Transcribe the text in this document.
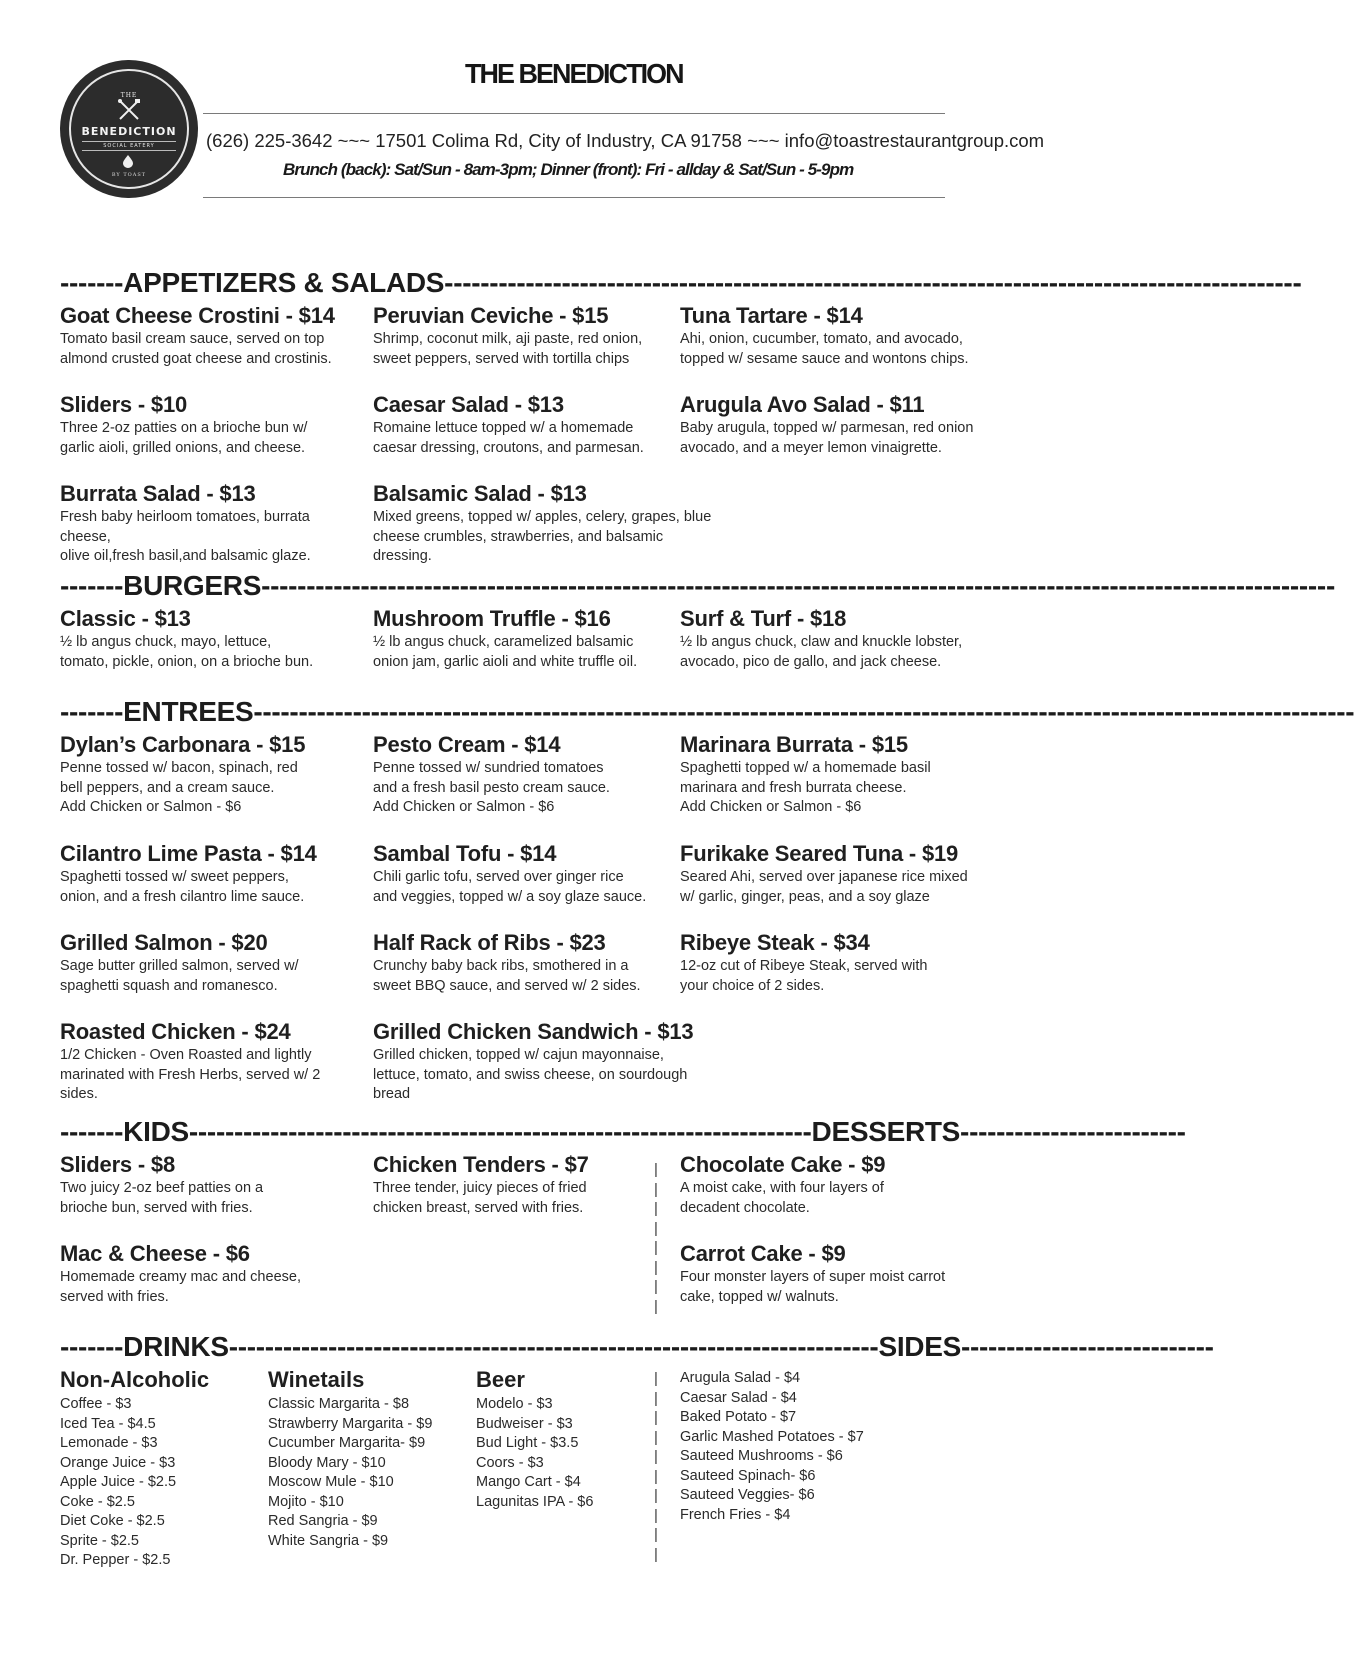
THE
BENEDICTION
SOCIAL EATERY
BY TOAST
THE BENEDICTION
(626) 225-3642 ~~~ 17501 Colima Rd, City of Industry, CA 91758 ~~~ info@toastrestaurantgroup.com
Brunch (back): Sat/Sun - 8am-3pm; Dinner (front): Fri - allday & Sat/Sun - 5-9pm
-------APPETIZERS & SALADS-----------------------------------------------------------------------------------------------
Goat Cheese Crostini - $14
Tomato basil cream sauce, served on top
almond crusted goat cheese and crostinis.
Peruvian Ceviche - $15
Shrimp, coconut milk, aji paste, red onion,
sweet peppers, served with tortilla chips
Tuna Tartare - $14
Ahi, onion, cucumber, tomato, and avocado,
topped w/ sesame sauce and wontons chips.
Sliders - $10
Three 2-oz patties on a brioche bun w/
garlic aioli, grilled onions, and cheese.
Caesar Salad - $13
Romaine lettuce topped w/ a homemade
caesar dressing, croutons, and parmesan.
Arugula Avo Salad - $11
Baby arugula, topped w/ parmesan, red onion
avocado, and a meyer lemon vinaigrette.
Burrata Salad - $13
Fresh baby heirloom tomatoes, burrata cheese,
olive oil,fresh basil,and balsamic glaze.
Balsamic Salad - $13
Mixed greens, topped w/ apples, celery, grapes, blue
cheese crumbles, strawberries, and balsamic dressing.
-------BURGERS-----------------------------------------------------------------------------------------------------------------------
Classic - $13
½ lb angus chuck, mayo, lettuce,
tomato, pickle, onion, on a brioche bun.
Mushroom Truffle - $16
½ lb angus chuck, caramelized balsamic
onion jam, garlic aioli and white truffle oil.
Surf & Turf - $18
½ lb angus chuck, claw and knuckle lobster,
avocado, pico de gallo, and jack cheese.
-------ENTREES--------------------------------------------------------------------------------------------------------------------------
Dylan’s Carbonara - $15
Penne tossed w/ bacon, spinach, red
bell peppers, and a cream sauce.
Add Chicken or Salmon - $6
Pesto Cream - $14
Penne tossed w/ sundried tomatoes
and a fresh basil pesto cream sauce.
Add Chicken or Salmon - $6
Marinara Burrata - $15
Spaghetti topped w/ a homemade basil
marinara and fresh burrata cheese.
Add Chicken or Salmon - $6
Cilantro Lime Pasta - $14
Spaghetti tossed w/ sweet peppers,
onion, and a fresh cilantro lime sauce.
Sambal Tofu - $14
Chili garlic tofu, served over ginger rice
and veggies, topped w/ a soy glaze sauce.
Furikake Seared Tuna - $19
Seared Ahi, served over japanese rice mixed
w/ garlic, ginger, peas, and a soy glaze
Grilled Salmon - $20
Sage butter grilled salmon, served w/
spaghetti squash and romanesco.
Half Rack of Ribs - $23
Crunchy baby back ribs, smothered in a
sweet BBQ sauce, and served w/ 2 sides.
Ribeye Steak - $34
12-oz cut of Ribeye Steak, served with
your choice of 2 sides.
Roasted Chicken - $24
1/2 Chicken - Oven Roasted and lightly
marinated with Fresh Herbs, served w/ 2 sides.
Grilled Chicken Sandwich - $13
Grilled chicken, topped w/ cajun mayonnaise,
lettuce, tomato, and swiss cheese, on sourdough bread
-------KIDS---------------------------------------------------------------------DESSERTS-------------------------
Sliders - $8
Two juicy 2-oz beef patties on a
brioche bun, served with fries.
Chicken Tenders - $7
Three tender, juicy pieces of fried
chicken breast, served with fries.
Mac & Cheese - $6
Homemade creamy mac and cheese,
served with fries.
|
|
|
|
|
|
|
|
Chocolate Cake - $9
A moist cake, with four layers of
decadent chocolate.
Carrot Cake - $9
Four monster layers of super moist carrot
cake, topped w/ walnuts.
-------DRINKS------------------------------------------------------------------------SIDES----------------------------
Non-Alcoholic
Coffee - $3
Iced Tea - $4.5
Lemonade - $3
Orange Juice - $3
Apple Juice - $2.5
Coke - $2.5
Diet Coke - $2.5
Sprite - $2.5
Dr. Pepper - $2.5
Winetails
Classic Margarita - $8
Strawberry Margarita - $9
Cucumber Margarita- $9
Bloody Mary - $10
Moscow Mule - $10
Mojito - $10
Red Sangria - $9
White Sangria - $9
Beer
Modelo - $3
Budweiser - $3
Bud Light - $3.5
Coors - $3
Mango Cart - $4
Lagunitas IPA - $6
|
|
|
|
|
|
|
|
|
|
Arugula Salad - $4
Caesar Salad - $4
Baked Potato - $7
Garlic Mashed Potatoes - $7
Sauteed Mushrooms - $6
Sauteed Spinach- $6
Sauteed Veggies- $6
French Fries - $4
